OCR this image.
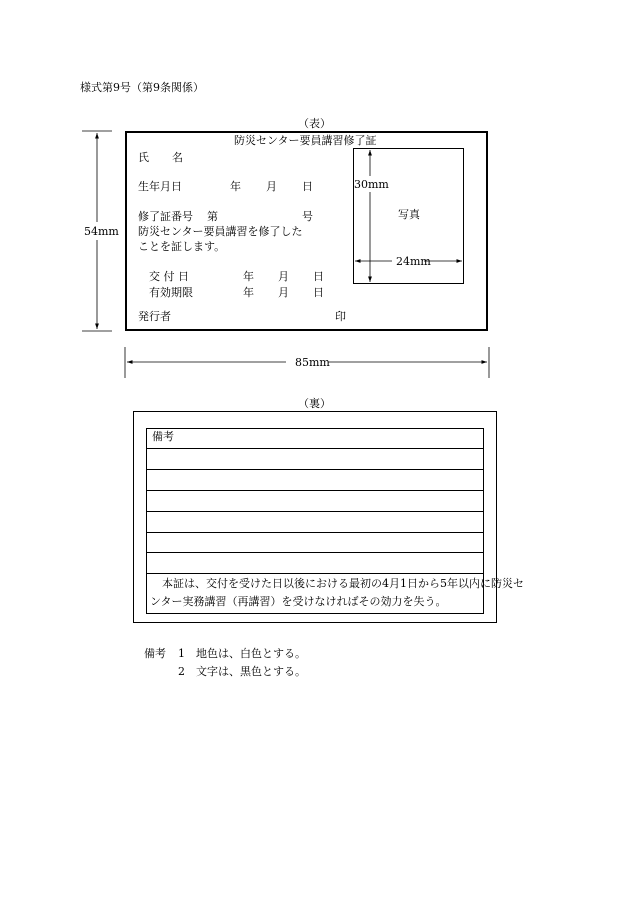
様式第9号（第9条関係）
（表）
防災センター要員講習修了証
氏 名
生年月日	年 月 日
修了証番号 第	号
防災センター要員講習を修了した
ことを証します。
交 付 日	年 月 日
有効期限	年 月 日
発行者	印
写真
54mm
85mm
30mm
24mm
（裏）
備考
本証は、交付を受けた日以後における最初の4月1日から5年以内に防災セ
ンター実務講習（再講習）を受けなければその効力を失う。
備考 1 地色は、白色とする。
2 文字は、黒色とする。
